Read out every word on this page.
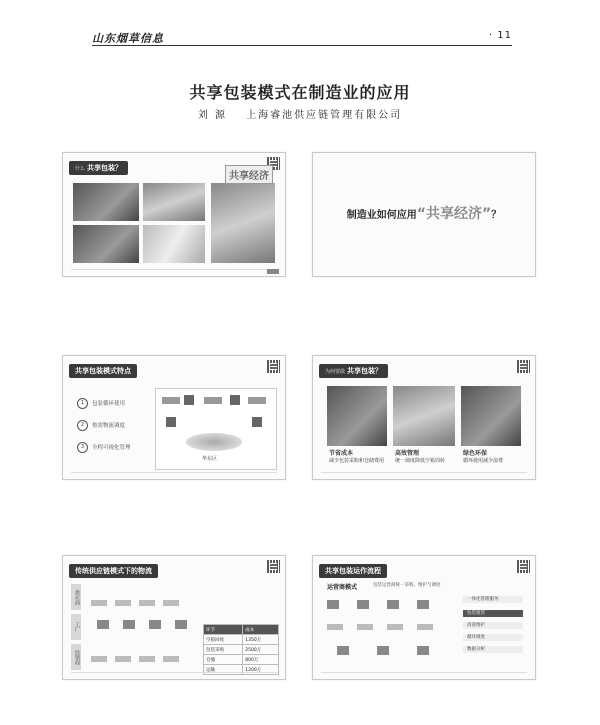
山东烟草信息	· 11
共享包装模式在制造业的应用
刘 源 上海睿池供应链管理有限公司
什么 共享包装？
共享经济
制造业如何应用“共享经济”？
共享包装模式特点
1 包装循环使用
2 按需物流调度
3 全程可视化管理
华东区
为何要做 共享包装？
节省成本
减少包装采购和仓储费用
高效管理
统一调度降低空箱周转
绿色环保
循环使用减少浪费
传统供应链模式下的物流
供应商
工厂
经销商
环节	成本
空箱回收	1350万
包装采购	2500万
仓储	800万
运输	1200万
共享包装运作流程
运营商模式	包装运营商统一采购、维护与调度
一体化管理服务
包装租赁
清洗维护
循环调度
数据分析
